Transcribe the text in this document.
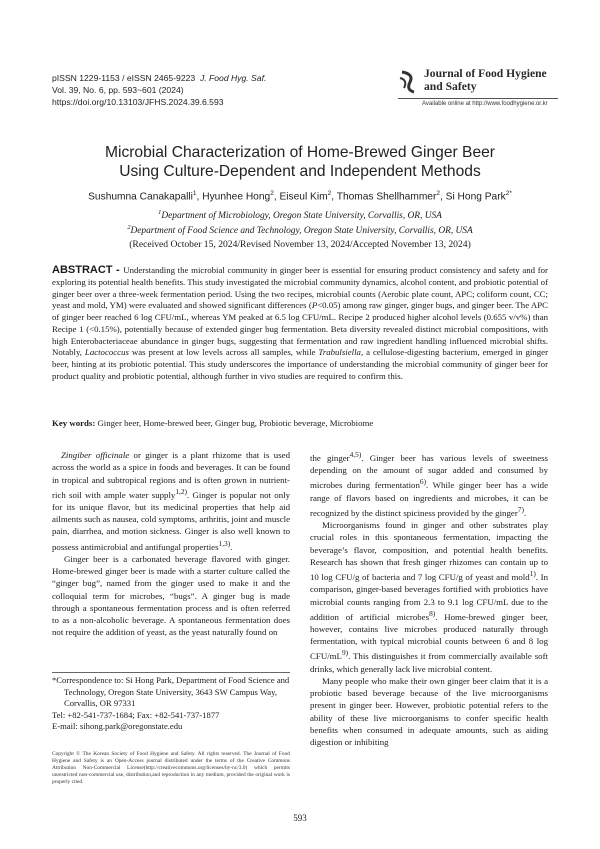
pISSN 1229-1153 / eISSN 2465-9223 J. Food Hyg. Saf.
Vol. 39, No. 6, pp. 593~601 (2024)
https://doi.org/10.13103/JFHS.2024.39.6.593
Journal of Food Hygiene
and Safety
Available online at http://www.foodhygiene.or.kr
Microbial Characterization of Home-Brewed Ginger Beer
Using Culture-Dependent and Independent Methods
Sushumna Canakapalli$^1$, Hyunhee Hong$^2$, Eiseul Kim$^2$, Thomas Shellhammer$^2$, Si Hong Park$^{2*}$
$^1$Department of Microbiology, Oregon State University, Corvallis, OR, USA
$^2$Department of Food Science and Technology, Oregon State University, Corvallis, OR, USA
(Received October 15, 2024/Revised November 13, 2024/Accepted November 13, 2024)
ABSTRACT - Understanding the microbial community in ginger beer is essential for ensuring product consistency and safety and for exploring its potential health benefits. This study investigated the microbial community dynamics, alcohol content, and probiotic potential of ginger beer over a three-week fermentation period. Using the two recipes, microbial counts (Aerobic plate count, APC; coliform count, CC; yeast and mold, YM) were evaluated and showed significant differences (P<0.05) among raw ginger, ginger bugs, and ginger beer. The APC of ginger beer reached 6 log CFU/mL, whereas YM peaked at 6.5 log CFU/mL. Recipe 2 produced higher alcohol levels (0.655 v/v%) than Recipe 1 (<0.15%), potentially because of extended ginger bug fermentation. Beta diversity revealed distinct microbial compositions, with high Enterobacteriaceae abundance in ginger bugs, suggesting that fermentation and raw ingredient handling influenced microbial shifts. Notably, Lactococcus was present at low levels across all samples, while Trabulsiella, a cellulose-digesting bacterium, emerged in ginger beer, hinting at its probiotic potential. This study underscores the importance of understanding the microbial community of ginger beer for product quality and probiotic potential, although further in vivo studies are required to confirm this.
Key words: Ginger beer, Home-brewed beer, Ginger bug, Probiotic beverage, Microbiome

Zingiber officinale or ginger is a plant rhizome that is used across the world as a spice in foods and beverages. It can be found in tropical and subtropical regions and is often grown in nutrient-rich soil with ample water supply$^{1,2)}$. Ginger is popular not only for its unique flavor, but its medicinal properties that help aid ailments such as nausea, cold symptoms, arthritis, joint and muscle pain, diarrhea, and motion sickness. Ginger is also well known to possess antimicrobial and antifungal properties$^{1,3)}$.

Ginger beer is a carbonated beverage flavored with ginger. Home-brewed ginger beer is made with a starter culture called the “ginger bug”, named from the ginger used to make it and the colloquial term for microbes, “bugs”. A ginger bug is made through a spontaneous fermentation process and is often referred to as a non-alcoholic beverage. A spontaneous fermentation does not require the addition of yeast, as the yeast naturally found on

the ginger$^{4,5)}$. Ginger beer has various levels of sweetness depending on the amount of sugar added and consumed by microbes during fermentation$^{6)}$. While ginger beer has a wide range of flavors based on ingredients and microbes, it can be recognized by the distinct spiciness provided by the ginger$^{7)}$.

Microorganisms found in ginger and other substrates play crucial roles in this spontaneous fermentation, impacting the beverage’s flavor, composition, and potential health benefits. Research has shown that fresh ginger rhizomes can contain up to 10 log CFU/g of bacteria and 7 log CFU/g of yeast and mold$^{1)}$. In comparison, ginger-based beverages fortified with probiotics have microbial counts ranging from 2.3 to 9.1 log CFU/mL due to the addition of artificial microbes$^{8)}$. Home-brewed ginger beer, however, contains live microbes produced naturally through fermentation, with typical microbial counts between 6 and 8 log CFU/$mL^{9)}$. This distinguishes it from commercially available soft drinks, which generally lack live microbial content.

Many people who make their own ginger beer claim that it is a probiotic based beverage because of the live microorganisms present in ginger beer. However, probiotic potential refers to the ability of these live microorganisms to confer specific health benefits when consumed in adequate amounts, such as aiding digestion or inhibiting

*Correspondence to: Si Hong Park, Department of Food Science and Technology, Oregon State University, 3643 SW Campus Way, Corvallis, OR 97331
Tel: +82-541-737-1684; Fax: +82-541-737-1877
E-mail: sihong.park@oregonstate.edu
Copyright © The Korean Society of Food Hygiene and Safety. All rights reserved. The Journal of Food Hygiene and Safety is an Open-Access journal distributed under the terms of the Creative Commons Attribution Non-Commercial License(http://creativecommons.org/licenses/by-nc/3.0) which permits unrestricted non-commercial use, distribution,and reproduction in any medium, provided the original work is properly cited.
593
